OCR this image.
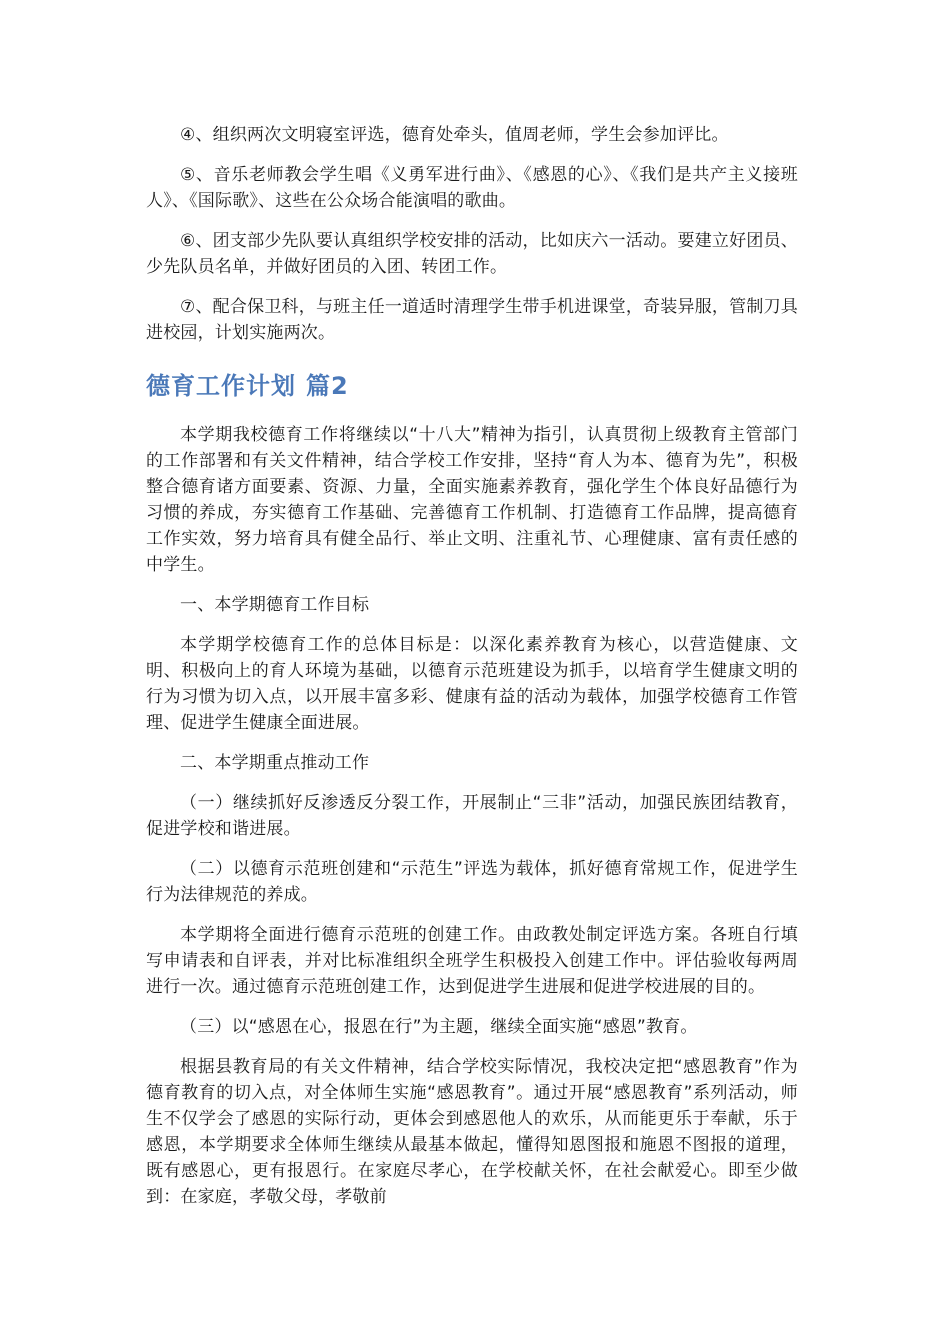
④、组织两次文明寝室评选，德育处牵头，值周老师，学生会参加评比。

⑤、音乐老师教会学生唱《义勇军进行曲》、《感恩的心》、《我们是共产主义接班人》、《国际歌》、这些在公众场合能演唱的歌曲。

⑥、团支部少先队要认真组织学校安排的活动，比如庆六一活动。要建立好团员、少先队员名单，并做好团员的入团、转团工作。

⑦、配合保卫科，与班主任一道适时清理学生带手机进课堂，奇装异服，管制刀具进校园，计划实施两次。

德育工作计划 篇2

本学期我校德育工作将继续以“十八大”精神为指引，认真贯彻上级教育主管部门的工作部署和有关文件精神，结合学校工作安排，坚持“育人为本、德育为先”，积极整合德育诸方面要素、资源、力量，全面实施素养教育，强化学生个体良好品德行为习惯的养成，夯实德育工作基础、完善德育工作机制、打造德育工作品牌，提高德育工作实效，努力培育具有健全品行、举止文明、注重礼节、心理健康、富有责任感的中学生。

一、本学期德育工作目标

本学期学校德育工作的总体目标是：以深化素养教育为核心，以营造健康、文明、积极向上的育人环境为基础，以德育示范班建设为抓手，以培育学生健康文明的行为习惯为切入点，以开展丰富多彩、健康有益的活动为载体，加强学校德育工作管理、促进学生健康全面进展。

二、本学期重点推动工作

（一）继续抓好反渗透反分裂工作，开展制止“三非”活动，加强民族团结教育，促进学校和谐进展。

（二）以德育示范班创建和“示范生”评选为载体，抓好德育常规工作，促进学生行为法律规范的养成。

本学期将全面进行德育示范班的创建工作。由政教处制定评选方案。各班自行填写申请表和自评表，并对比标准组织全班学生积极投入创建工作中。评估验收每两周进行一次。通过德育示范班创建工作，达到促进学生进展和促进学校进展的目的。

（三）以“感恩在心，报恩在行”为主题，继续全面实施“感恩”教育。

根据县教育局的有关文件精神，结合学校实际情况，我校决定把“感恩教育”作为德育教育的切入点，对全体师生实施“感恩教育”。通过开展“感恩教育”系列活动，师生不仅学会了感恩的实际行动，更体会到感恩他人的欢乐，从而能更乐于奉献，乐于感恩，本学期要求全体师生继续从最基本做起，懂得知恩图报和施恩不图报的道理，既有感恩心，更有报恩行。在家庭尽孝心，在学校献关怀，在社会献爱心。即至少做到：在家庭，孝敬父母，孝敬前
